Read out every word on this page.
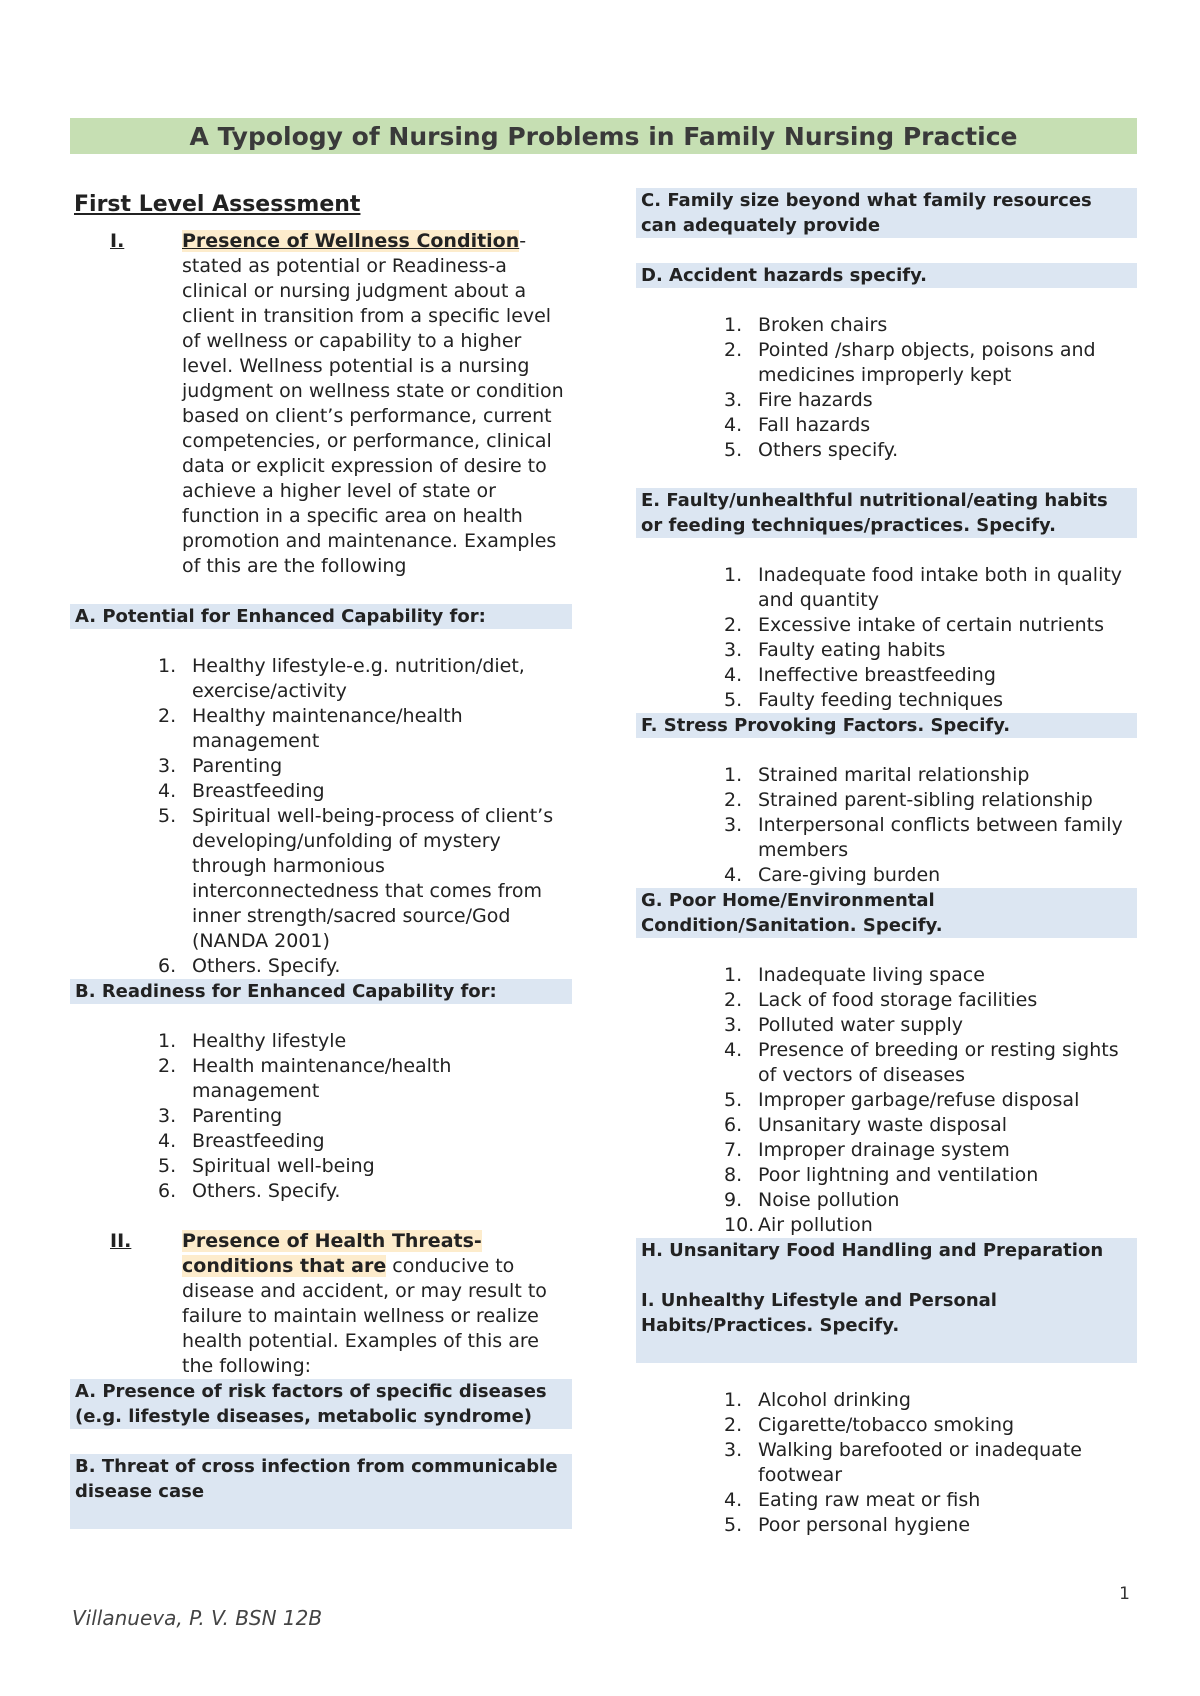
A Typology of Nursing Problems in Family Nursing Practice
First Level Assessment
I.	Presence of Wellness Condition- stated as potential or Readiness-a clinical or nursing judgment about a client in transition from a specific level of wellness or capability to a higher level. Wellness potential is a nursing judgment on wellness state or condition based on client’s performance, current competencies, or performance, clinical data or explicit expression of desire to achieve a higher level of state or function in a specific area on health promotion and maintenance. Examples of this are the following
A. Potential for Enhanced Capability for:
1. Healthy lifestyle-e.g. nutrition/diet, exercise/activity
2. Healthy maintenance/health management
3. Parenting
4. Breastfeeding
5. Spiritual well-being-process of client’s developing/unfolding of mystery through harmonious interconnectedness that comes from inner strength/sacred source/God (NANDA 2001)
6. Others. Specify.
B. Readiness for Enhanced Capability for:
1. Healthy lifestyle
2. Health maintenance/health management
3. Parenting
4. Breastfeeding
5. Spiritual well-being
6. Others. Specify.
II.	Presence of Health Threats-conditions that are conducive to disease and accident, or may result to failure to maintain wellness or realize health potential. Examples of this are the following:
A. Presence of risk factors of specific diseases (e.g. lifestyle diseases, metabolic syndrome)
B. Threat of cross infection from communicable disease case
C. Family size beyond what family resources can adequately provide
D. Accident hazards specify.
1. Broken chairs
2. Pointed /sharp objects, poisons and medicines improperly kept
3. Fire hazards
4. Fall hazards
5. Others specify.
E. Faulty/unhealthful nutritional/eating habits or feeding techniques/practices. Specify.
1. Inadequate food intake both in quality and quantity
2. Excessive intake of certain nutrients
3. Faulty eating habits
4. Ineffective breastfeeding
5. Faulty feeding techniques
F. Stress Provoking Factors. Specify.
1. Strained marital relationship
2. Strained parent-sibling relationship
3. Interpersonal conflicts between family members
4. Care-giving burden
G. Poor Home/Environmental Condition/Sanitation. Specify.
1. Inadequate living space
2. Lack of food storage facilities
3. Polluted water supply
4. Presence of breeding or resting sights of vectors of diseases
5. Improper garbage/refuse disposal
6. Unsanitary waste disposal
7. Improper drainage system
8. Poor lightning and ventilation
9. Noise pollution
10. Air pollution
H. Unsanitary Food Handling and Preparation
I. Unhealthy Lifestyle and Personal Habits/Practices. Specify.
1. Alcohol drinking
2. Cigarette/tobacco smoking
3. Walking barefooted or inadequate footwear
4. Eating raw meat or fish
5. Poor personal hygiene
1
Villanueva, P. V. BSN 12B
